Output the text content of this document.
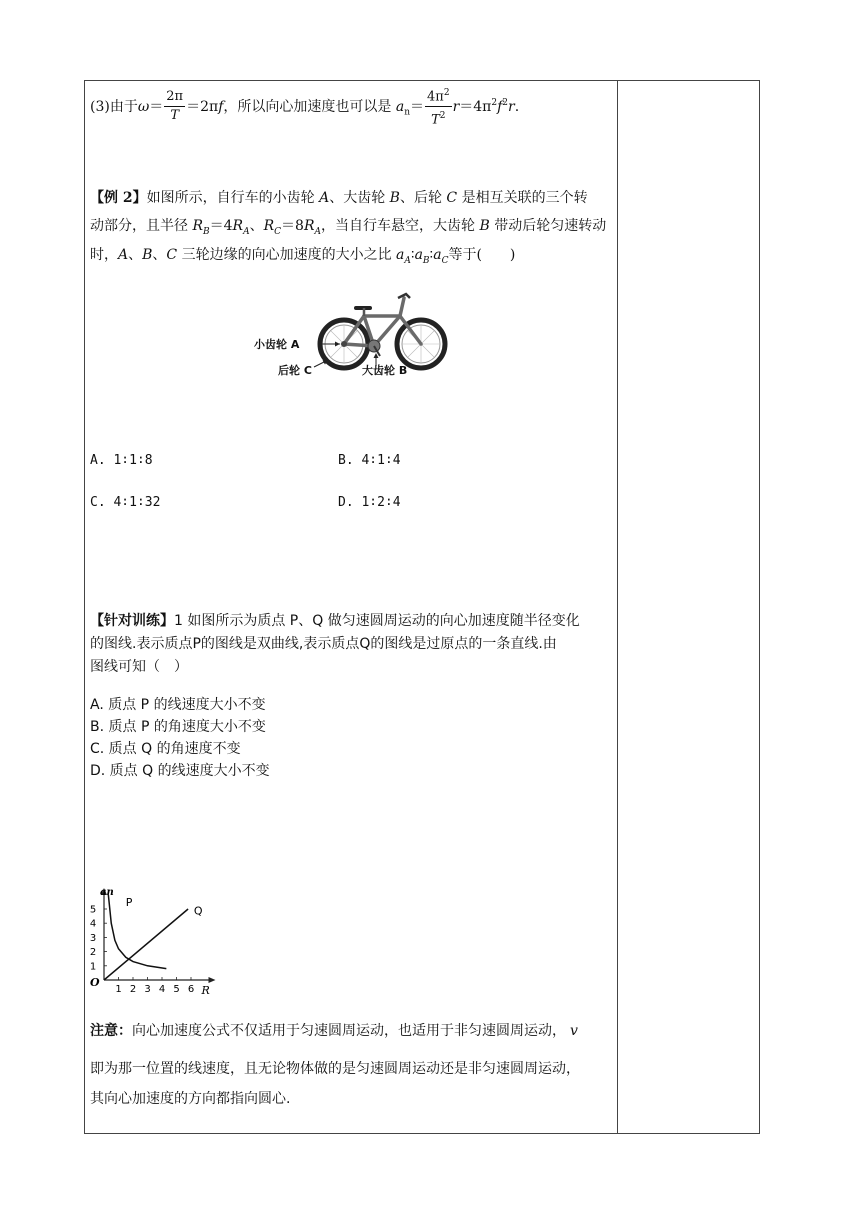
(3)由于$\omega= \frac{2\pi}{T} =2\pi f$，所以向心加速度也可以是 $a_n= \frac{4\pi^2}{T^2} r=4\pi^2f^2r$.
【例 2】如图所示，自行车的小齿轮 A、大齿轮 B、后轮 C 是相互关联的三个转
动部分，且半径 $R_B=4R_A$、$R_C=8R_A$，当自行车悬空，大齿轮 B 带动后轮匀速转动
时，A、B、C 三轮边缘的向心加速度的大小之比 $a_A∶a_B∶a_C$等于(　　)
小齿轮 A
后轮 C	大齿轮 B
A. 1∶1∶8	B. 4∶1∶4
C. 4∶1∶32	D. 1∶2∶4
【针对训练】1 如图所示为质点 P、Q 做匀速圆周运动的向心加速度随半径变化
的图线.表示质点P的图线是双曲线,表示质点Q的图线是过原点的一条直线.由
图线可知（　）
A. 质点 P 的线速度大小不变
B. 质点 P 的角速度大小不变
C. 质点 Q 的角速度不变
D. 质点 Q 的线速度大小不变
1 2 3 4 5 6
1
2
3
4
5
O
an
R
P
Q
注意：向心加速度公式不仅适用于匀速圆周运动，也适用于非匀速圆周运动， v
即为那一位置的线速度，且无论物体做的是匀速圆周运动还是非匀速圆周运动，
其向心加速度的方向都指向圆心.
